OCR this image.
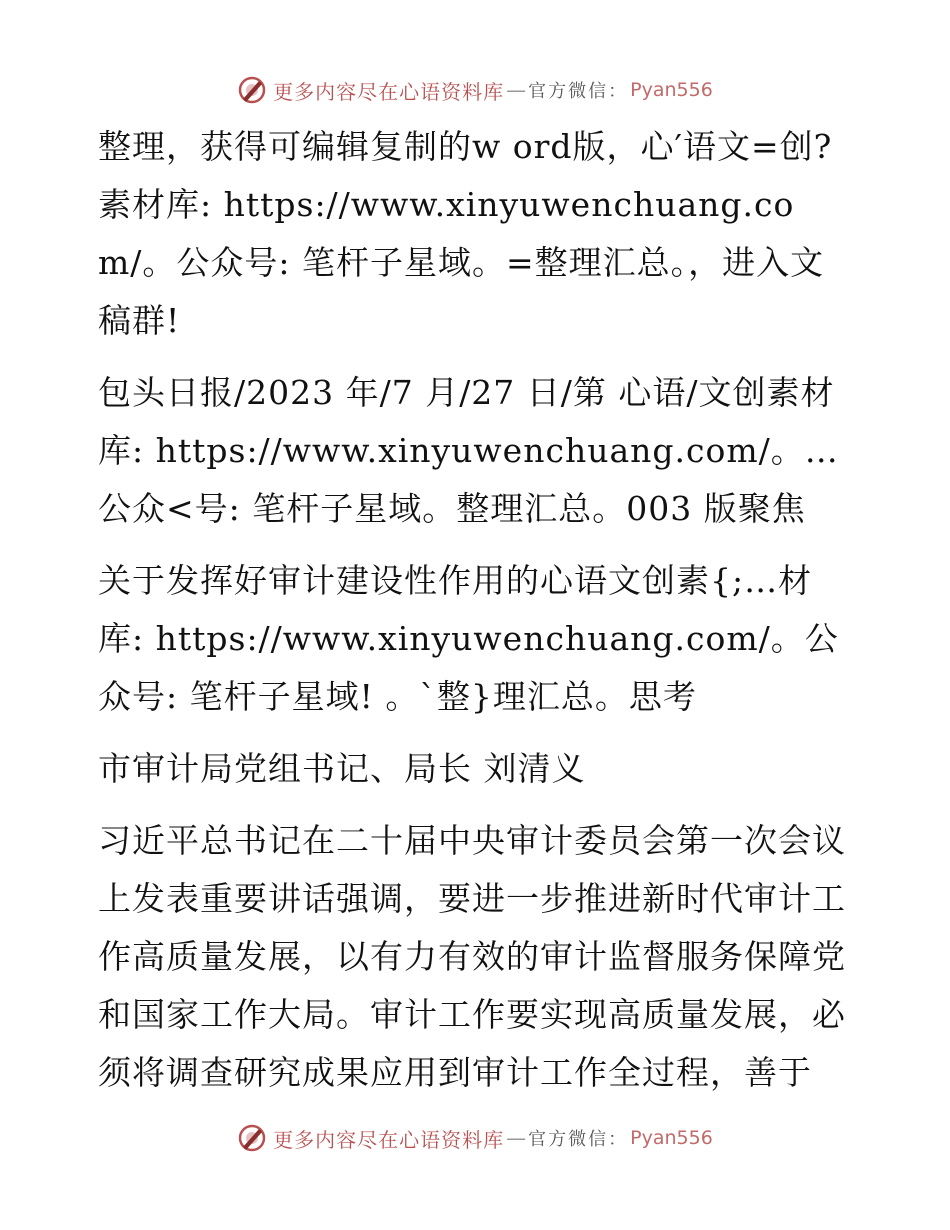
更多内容尽在心语资料库 — 官方微信： Pyan556

整理，获得可编辑复制的w ord版，心′语文=创?素材库: https://www.xinyuwenchuang.com/。公众号: 笔杆子星域。=整理汇总。，进入文稿群!

包头日报/2023 年/7 月/27 日/第 心语/文创素材库: https://www.xinyuwenchuang.com/。…公众<号: 笔杆子星域。整理汇总。003 版聚焦

关于发挥好审计建设性作用的心语文创素{;…材库: https://www.xinyuwenchuang.com/。公众号: 笔杆子星域! 。`整}理汇总。思考

市审计局党组书记、局长 刘清义

习近平总书记在二十届中央审计委员会第一次会议上发表重要讲话强调，要进一步推进新时代审计工作高质量发展，以有力有效的审计监督服务保障党和国家工作大局。审计工作要实现高质量发展，必须将调查研究成果应用到审计工作全过程，善于

更多内容尽在心语资料库 — 官方微信： Pyan556
